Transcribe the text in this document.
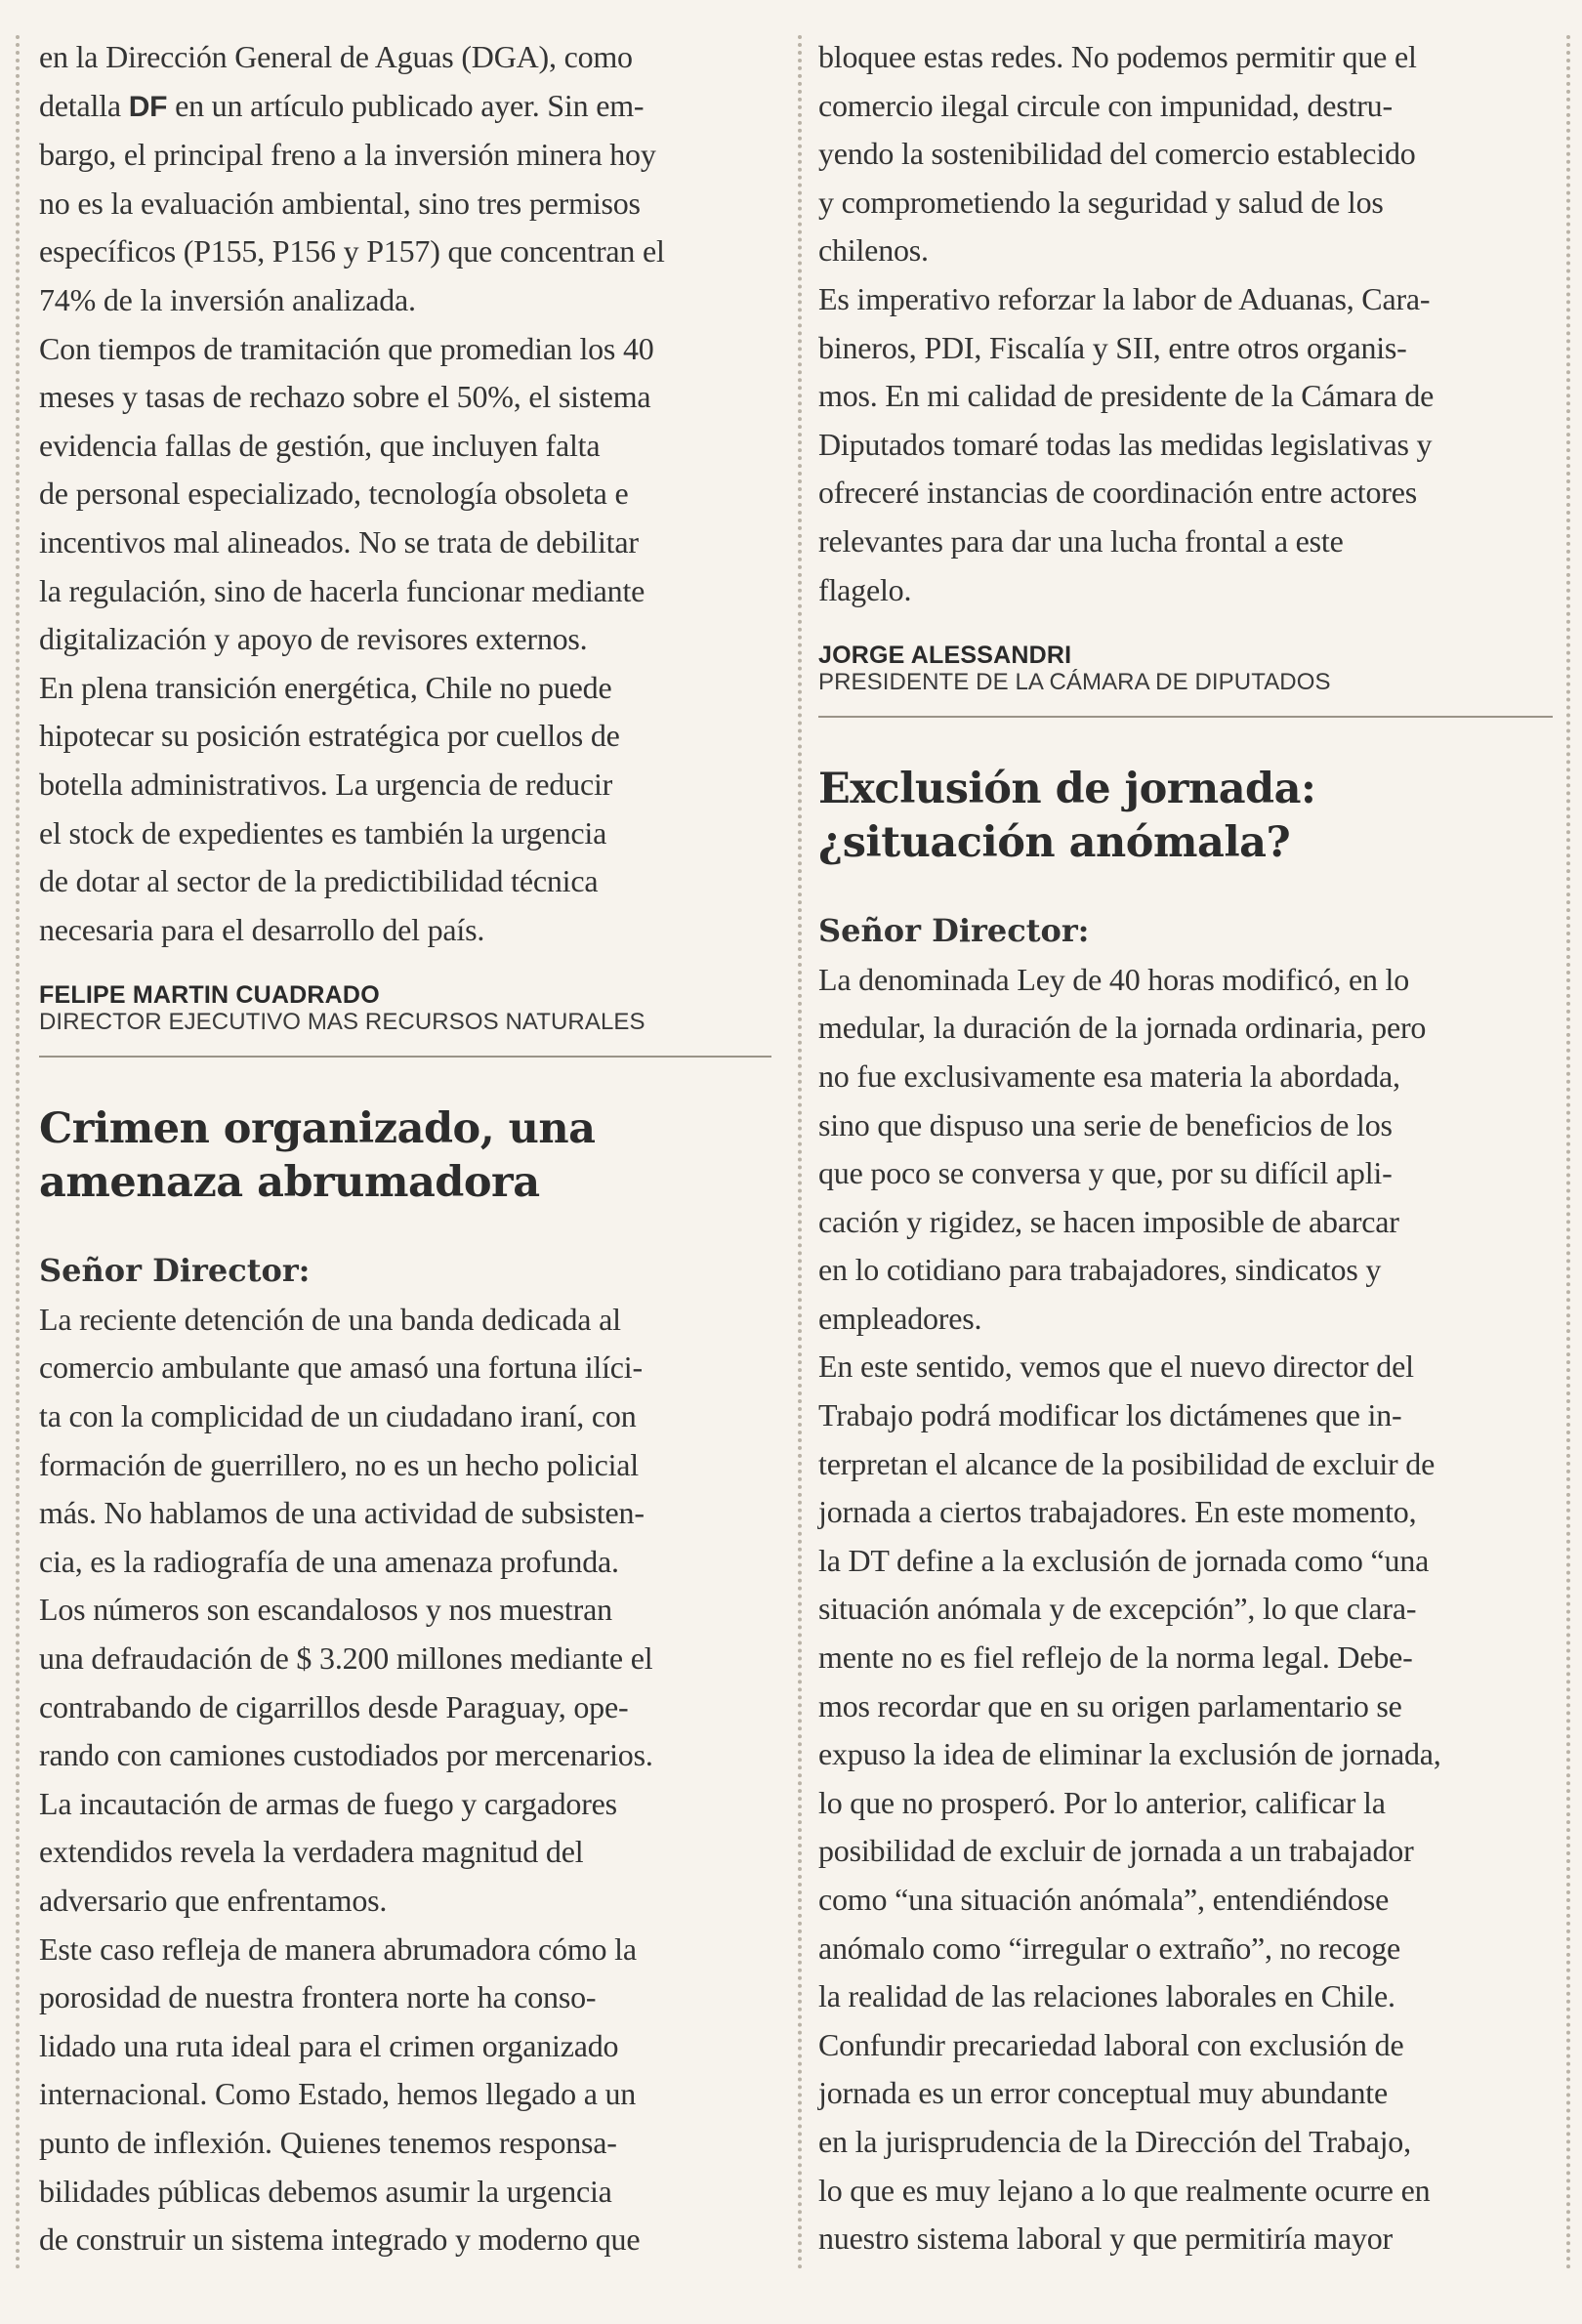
en la Dirección General de Aguas (DGA), como
detalla DF en un artículo publicado ayer. Sin em-
bargo, el principal freno a la inversión minera hoy
no es la evaluación ambiental, sino tres permisos
específicos (P155, P156 y P157) que concentran el
74% de la inversión analizada.

Con tiempos de tramitación que promedian los 40
meses y tasas de rechazo sobre el 50%, el sistema
evidencia fallas de gestión, que incluyen falta
de personal especializado, tecnología obsoleta e
incentivos mal alineados. No se trata de debilitar
la regulación, sino de hacerla funcionar mediante
digitalización y apoyo de revisores externos.

En plena transición energética, Chile no puede
hipotecar su posición estratégica por cuellos de
botella administrativos. La urgencia de reducir
el stock de expedientes es también la urgencia
de dotar al sector de la predictibilidad técnica
necesaria para el desarrollo del país.

FELIPE MARTIN CUADRADO
DIRECTOR EJECUTIVO MAS RECURSOS NATURALES
Crimen organizado, una
amenaza abrumadora
Señor Director:

La reciente detención de una banda dedicada al
comercio ambulante que amasó una fortuna ilíci-
ta con la complicidad de un ciudadano iraní, con
formación de guerrillero, no es un hecho policial
más. No hablamos de una actividad de subsisten-
cia, es la radiografía de una amenaza profunda.

Los números son escandalosos y nos muestran
una defraudación de $ 3.200 millones mediante el
contrabando de cigarrillos desde Paraguay, ope-
rando con camiones custodiados por mercenarios.
La incautación de armas de fuego y cargadores
extendidos revela la verdadera magnitud del
adversario que enfrentamos.

Este caso refleja de manera abrumadora cómo la
porosidad de nuestra frontera norte ha conso-
lidado una ruta ideal para el crimen organizado
internacional. Como Estado, hemos llegado a un
punto de inflexión. Quienes tenemos responsa-
bilidades públicas debemos asumir la urgencia
de construir un sistema integrado y moderno que

bloquee estas redes. No podemos permitir que el
comercio ilegal circule con impunidad, destru-
yendo la sostenibilidad del comercio establecido
y comprometiendo la seguridad y salud de los
chilenos.

Es imperativo reforzar la labor de Aduanas, Cara-
bineros, PDI, Fiscalía y SII, entre otros organis-
mos. En mi calidad de presidente de la Cámara de
Diputados tomaré todas las medidas legislativas y
ofreceré instancias de coordinación entre actores
relevantes para dar una lucha frontal a este
flagelo.

JORGE ALESSANDRI
PRESIDENTE DE LA CÁMARA DE DIPUTADOS
Exclusión de jornada:
¿situación anómala?
Señor Director:

La denominada Ley de 40 horas modificó, en lo
medular, la duración de la jornada ordinaria, pero
no fue exclusivamente esa materia la abordada,
sino que dispuso una serie de beneficios de los
que poco se conversa y que, por su difícil apli-
cación y rigidez, se hacen imposible de abarcar
en lo cotidiano para trabajadores, sindicatos y
empleadores.

En este sentido, vemos que el nuevo director del
Trabajo podrá modificar los dictámenes que in-
terpretan el alcance de la posibilidad de excluir de
jornada a ciertos trabajadores. En este momento,
la DT define a la exclusión de jornada como “una
situación anómala y de excepción”, lo que clara-
mente no es fiel reflejo de la norma legal. Debe-
mos recordar que en su origen parlamentario se
expuso la idea de eliminar la exclusión de jornada,
lo que no prosperó. Por lo anterior, calificar la
posibilidad de excluir de jornada a un trabajador
como “una situación anómala”, entendiéndose
anómalo como “irregular o extraño”, no recoge
la realidad de las relaciones laborales en Chile.
Confundir precariedad laboral con exclusión de
jornada es un error conceptual muy abundante
en la jurisprudencia de la Dirección del Trabajo,
lo que es muy lejano a lo que realmente ocurre en
nuestro sistema laboral y que permitiría mayor
